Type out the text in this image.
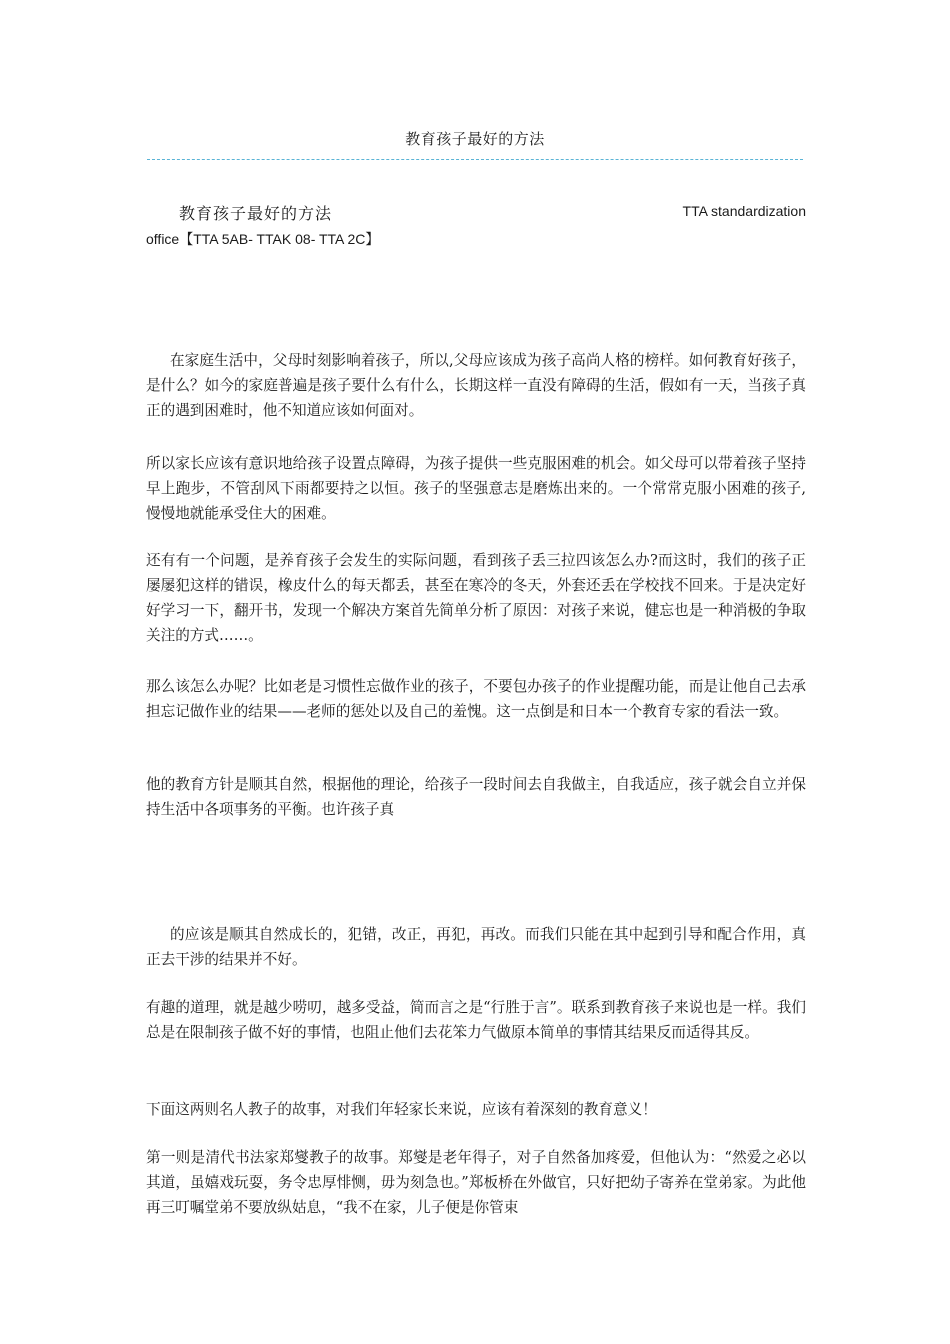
教育孩子最好的方法
教育孩子最好的方法	TTA standardization
office【TTA 5AB- TTAK 08- TTA 2C】

在家庭生活中，父母时刻影响着孩子，所以,父母应该成为孩子高尚人格的榜样。如何教育好孩子，是什么？如今的家庭普遍是孩子要什么有什么，长期这样一直没有障碍的生活，假如有一天，当孩子真正的遇到困难时，他不知道应该如何面对。

所以家长应该有意识地给孩子设置点障碍，为孩子提供一些克服困难的机会。如父母可以带着孩子坚持早上跑步，不管刮风下雨都要持之以恒。孩子的坚强意志是磨炼出来的。一个常常克服小困难的孩子,慢慢地就能承受住大的困难。

还有有一个问题，是养育孩子会发生的实际问题，看到孩子丢三拉四该怎么办?而这时，我们的孩子正屡屡犯这样的错误，橡皮什么的每天都丢，甚至在寒冷的冬天，外套还丢在学校找不回来。于是决定好好学习一下，翻开书，发现一个解决方案首先简单分析了原因：对孩子来说，健忘也是一种消极的争取关注的方式……。

那么该怎么办呢？比如老是习惯性忘做作业的孩子，不要包办孩子的作业提醒功能，而是让他自己去承担忘记做作业的结果——老师的惩处以及自己的羞愧。这一点倒是和日本一个教育专家的看法一致。

他的教育方针是顺其自然，根据他的理论，给孩子一段时间去自我做主，自我适应，孩子就会自立并保持生活中各项事务的平衡。也许孩子真

的应该是顺其自然成长的，犯错，改正，再犯，再改。而我们只能在其中起到引导和配合作用，真正去干涉的结果并不好。

有趣的道理，就是越少唠叨，越多受益，简而言之是“行胜于言”。联系到教育孩子来说也是一样。我们总是在限制孩子做不好的事情，也阻止他们去花笨力气做原本简单的事情其结果反而适得其反。

下面这两则名人教子的故事，对我们年轻家长来说，应该有着深刻的教育意义！

第一则是清代书法家郑燮教子的故事。郑燮是老年得子，对子自然备加疼爱，但他认为：“然爱之必以其道，虽嬉戏玩耍，务令忠厚悱恻，毋为刻急也。”郑板桥在外做官，只好把幼子寄养在堂弟家。为此他再三叮嘱堂弟不要放纵姑息，“我不在家，儿子便是你管束
